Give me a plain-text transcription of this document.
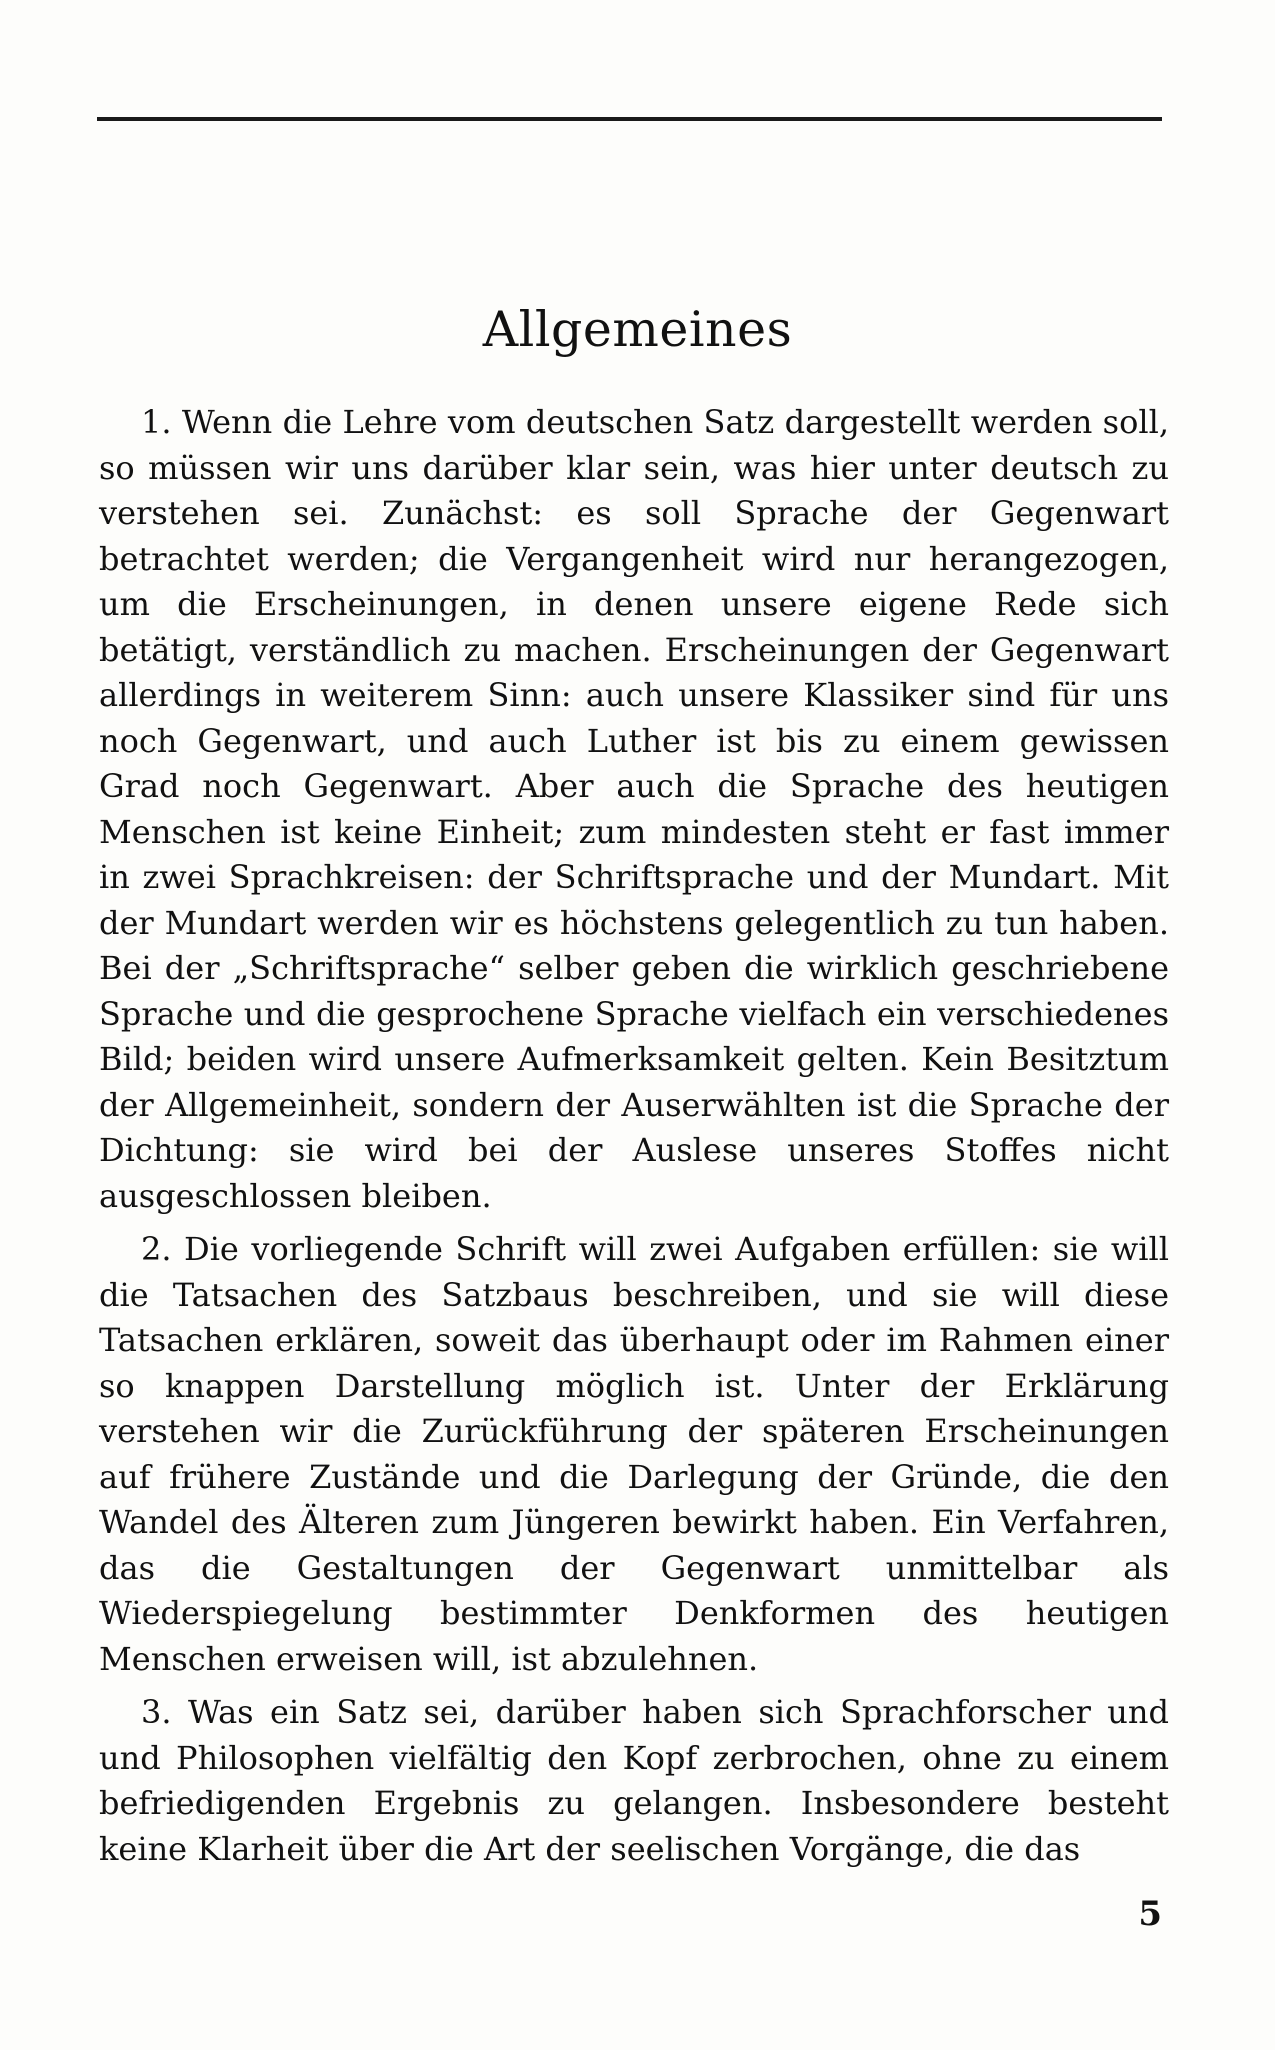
Allgemeines

1. Wenn die Lehre vom deutschen Satz dargestellt werden soll, so müssen wir uns darüber klar sein, was hier unter deutsch zu verstehen sei. Zunächst: es soll Sprache der Gegenwart betrachtet werden; die Vergangenheit wird nur herangezogen, um die Erscheinungen, in denen unsere eigene Rede sich betätigt, verständlich zu machen. Erscheinungen der Gegenwart allerdings in weiterem Sinn: auch unsere Klassiker sind für uns noch Gegenwart, und auch Luther ist bis zu einem gewissen Grad noch Gegenwart. Aber auch die Sprache des heutigen Menschen ist keine Einheit; zum mindesten steht er fast immer in zwei Sprachkreisen: der Schriftsprache und der Mundart. Mit der Mundart werden wir es höchstens gelegentlich zu tun haben. Bei der „Schriftsprache“ selber geben die wirklich geschriebene Sprache und die gesprochene Sprache vielfach ein verschiedenes Bild; beiden wird unsere Aufmerksamkeit gelten. Kein Besitztum der Allgemeinheit, sondern der Auserwählten ist die Sprache der Dichtung: sie wird bei der Auslese unseres Stoffes nicht ausgeschlossen bleiben.

2. Die vorliegende Schrift will zwei Aufgaben erfüllen: sie will die Tatsachen des Satzbaus beschreiben, und sie will diese Tatsachen erklären, soweit das überhaupt oder im Rahmen einer so knappen Darstellung möglich ist. Unter der Erklärung verstehen wir die Zurückführung der späteren Erscheinungen auf frühere Zustände und die Darlegung der Gründe, die den Wandel des Älteren zum Jüngeren bewirkt haben. Ein Verfahren, das die Gestaltungen der Gegenwart unmittelbar als Wiederspiegelung bestimmter Denkformen des heutigen Menschen erweisen will, ist abzulehnen.

3. Was ein Satz sei, darüber haben sich Sprachforscher und und Philosophen vielfältig den Kopf zerbrochen, ohne zu einem befriedigenden Ergebnis zu gelangen. Insbesondere besteht keine Klarheit über die Art der seelischen Vorgänge, die das

5
